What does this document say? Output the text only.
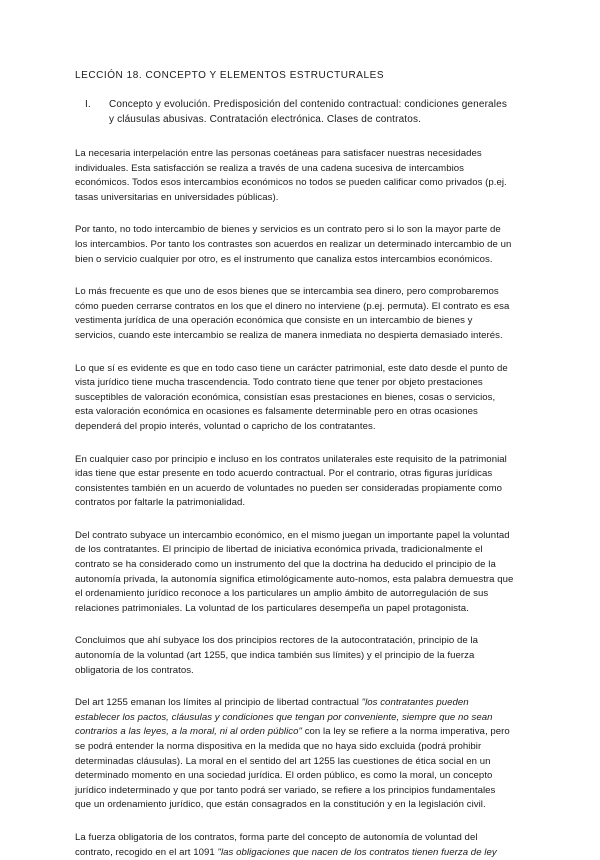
LECCIÓN 18. CONCEPTO Y ELEMENTOS ESTRUCTURALES
I.	Concepto y evolución. Predisposición del contenido contractual: condiciones generales y cláusulas abusivas. Contratación electrónica. Clases de contratos.

La necesaria interpelación entre las personas coetáneas para satisfacer nuestras necesidades individuales. Esta satisfacción se realiza a través de una cadena sucesiva de intercambios económicos. Todos esos intercambios económicos no todos se pueden calificar como privados (p.ej. tasas universitarias en universidades públicas).

Por tanto, no todo intercambio de bienes y servicios es un contrato pero si lo son la mayor parte de los intercambios. Por tanto los contrastes son acuerdos en realizar un determinado intercambio de un bien o servicio cualquier por otro, es el instrumento que canaliza estos intercambios económicos.

Lo más frecuente es que uno de esos bienes que se intercambia sea dinero, pero comprobaremos cómo pueden cerrarse contratos en los que el dinero no interviene (p.ej. permuta). El contrato es esa vestimenta jurídica de una operación económica que consiste en un intercambio de bienes y servicios, cuando este intercambio se realiza de manera inmediata no despierta demasiado interés.

Lo que sí es evidente es que en todo caso tiene un carácter patrimonial, este dato desde el punto de vista jurídico tiene mucha trascendencia. Todo contrato tiene que tener por objeto prestaciones susceptibles de valoración económica, consistían esas prestaciones en bienes, cosas o servicios, esta valoración económica en ocasiones es falsamente determinable pero en otras ocasiones dependerá del propio interés, voluntad o capricho de los contratantes.

En cualquier caso por principio e incluso en los contratos unilaterales este requisito de la patrimonial idas tiene que estar presente en todo acuerdo contractual. Por el contrario, otras figuras jurídicas consistentes también en un acuerdo de voluntades no pueden ser consideradas propiamente como contratos por faltarle la patrimonialidad.

Del contrato subyace un intercambio económico, en el mismo juegan un importante papel la voluntad de los contratantes. El principio de libertad de iniciativa económica privada, tradicionalmente el contrato se ha considerado como un instrumento del que la doctrina ha deducido el principio de la autonomía privada, la autonomía significa etimológicamente auto-nomos, esta palabra demuestra que el ordenamiento jurídico reconoce a los particulares un amplio ámbito de autorregulación de sus relaciones patrimoniales. La voluntad de los particulares desempeña un papel protagonista.

Concluimos que ahí subyace los dos principios rectores de la autocontratación, principio de la autonomía de la voluntad (art 1255, que indica también sus límites) y el principio de la fuerza obligatoria de los contratos.

Del art 1255 emanan los límites al principio de libertad contractual "los contratantes pueden establecer los pactos, cláusulas y condiciones que tengan por conveniente, siempre que no sean contrarios a las leyes, a la moral, ni al orden público" con la ley se refiere a la norma imperativa, pero se podrá entender la norma dispositiva en la medida que no haya sido excluida (podrá prohibir determinadas cláusulas). La moral en el sentido del art 1255 las cuestiones de ética social en un determinado momento en una sociedad jurídica. El orden público, es como la moral, un concepto jurídico indeterminado y que por tanto podrá ser variado, se refiere a los principios fundamentales que un ordenamiento jurídico, que están consagrados en la constitución y en la legislación civil.

La fuerza obligatoria de los contratos, forma parte del concepto de autonomía de voluntad del contrato, recogido en el art 1091 "las obligaciones que nacen de los contratos tienen fuerza de ley
